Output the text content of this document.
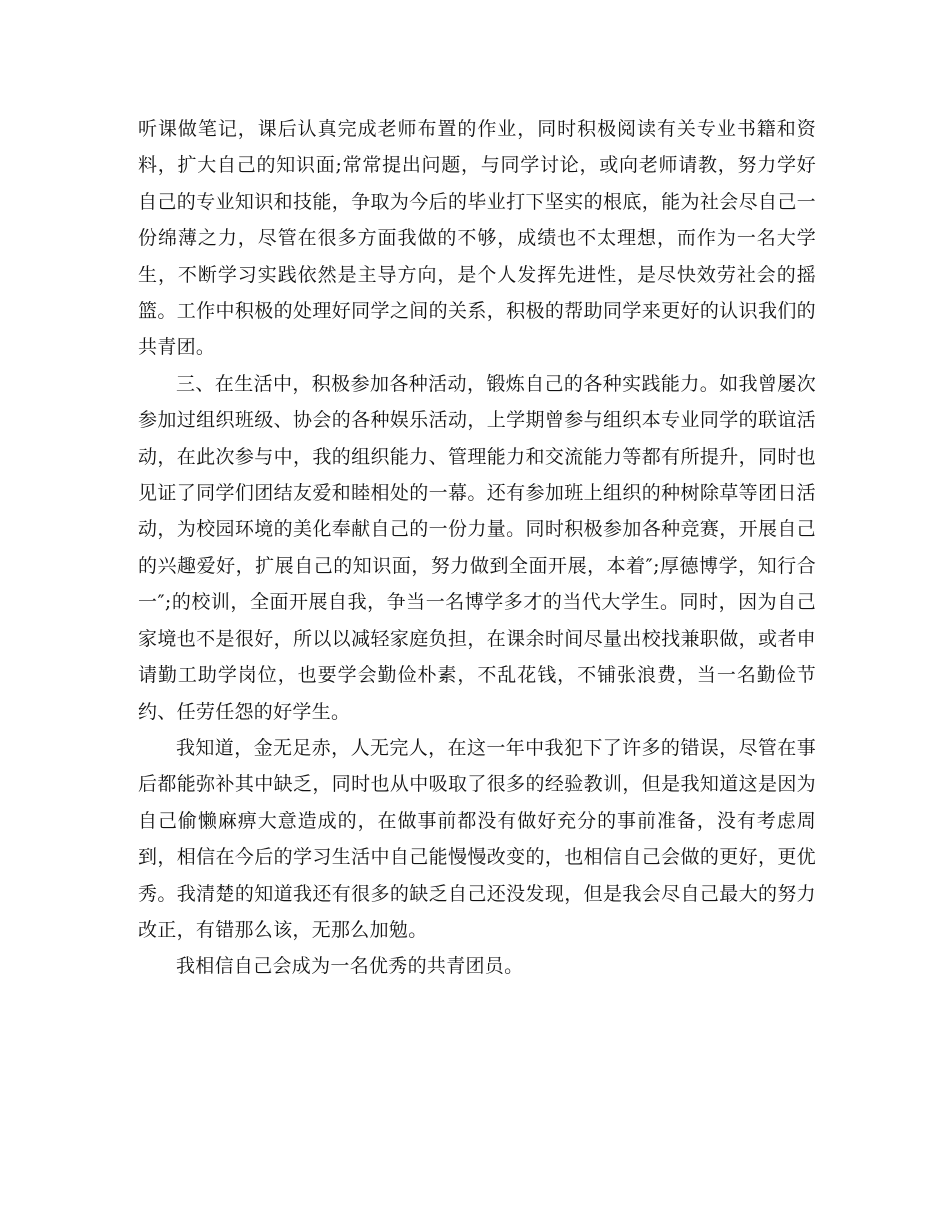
听课做笔记，课后认真完成老师布置的作业，同时积极阅读有关专业书籍和资料，扩大自己的知识面;常常提出问题，与同学讨论，或向老师请教，努力学好自己的专业知识和技能，争取为今后的毕业打下坚实的根底，能为社会尽自己一份绵薄之力，尽管在很多方面我做的不够，成绩也不太理想，而作为一名大学生，不断学习实践依然是主导方向，是个人发挥先进性，是尽快效劳社会的摇篮。工作中积极的处理好同学之间的关系，积极的帮助同学来更好的认识我们的共青团。

三、在生活中，积极参加各种活动，锻炼自己的各种实践能力。如我曾屡次参加过组织班级、协会的各种娱乐活动，上学期曾参与组织本专业同学的联谊活动，在此次参与中，我的组织能力、管理能力和交流能力等都有所提升，同时也见证了同学们团结友爱和睦相处的一幕。还有参加班上组织的种树除草等团日活动，为校园环境的美化奉献自己的一份力量。同时积极参加各种竞赛，开展自己的兴趣爱好，扩展自己的知识面，努力做到全面开展，本着″;厚德博学，知行合一″;的校训，全面开展自我，争当一名博学多才的当代大学生。同时，因为自己家境也不是很好，所以以减轻家庭负担，在课余时间尽量出校找兼职做，或者申请勤工助学岗位，也要学会勤俭朴素，不乱花钱，不铺张浪费，当一名勤俭节约、任劳任怨的好学生。

我知道，金无足赤，人无完人，在这一年中我犯下了许多的错误，尽管在事后都能弥补其中缺乏，同时也从中吸取了很多的经验教训，但是我知道这是因为自己偷懒麻痹大意造成的，在做事前都没有做好充分的事前准备，没有考虑周到，相信在今后的学习生活中自己能慢慢改变的，也相信自己会做的更好，更优秀。我清楚的知道我还有很多的缺乏自己还没发现，但是我会尽自己最大的努力改正，有错那么该，无那么加勉。

我相信自己会成为一名优秀的共青团员。
